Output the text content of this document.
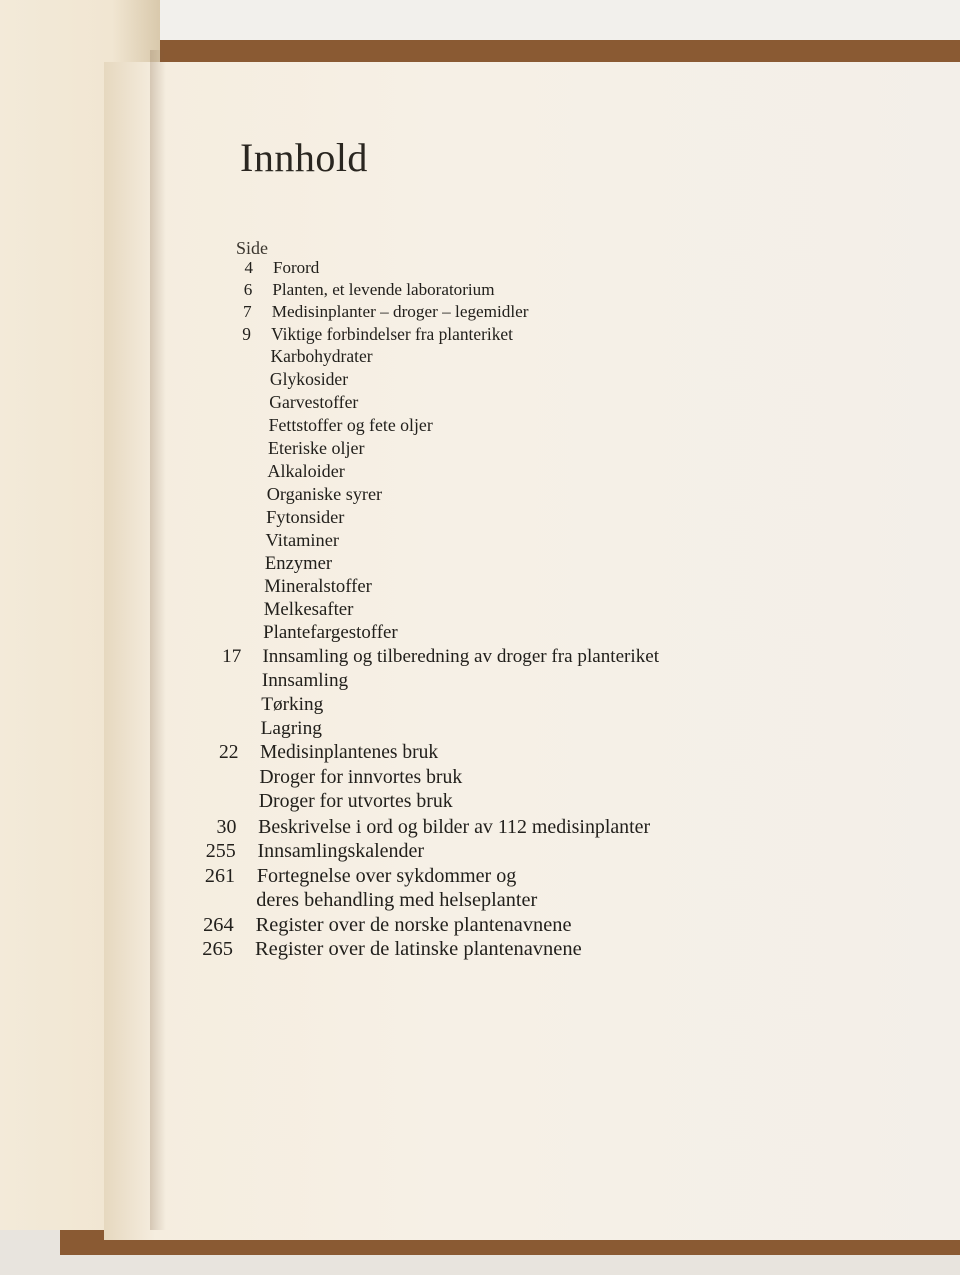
Innhold
Side
4 Forord
6 Planten, et levende laboratorium
7 Medisinplanter – droger – legemidler
9 Viktige forbindelser fra planteriket
Karbohydrater
Glykosider
Garvestoffer
Fettstoffer og fete oljer
Eteriske oljer
Alkaloider
Organiske syrer
Fytonsider
Vitaminer
Enzymer
Mineralstoffer
Melkesafter
Plantefargestoffer
17 Innsamling og tilberedning av droger fra planteriket
Innsamling
Tørking
Lagring
22 Medisinplantenes bruk
Droger for innvortes bruk
Droger for utvortes bruk
30 Beskrivelse i ord og bilder av 112 medisinplanter
255 Innsamlingskalender
261 Fortegnelse over sykdommer og
deres behandling med helseplanter
264 Register over de norske plantenavnene
265 Register over de latinske plantenavnene
